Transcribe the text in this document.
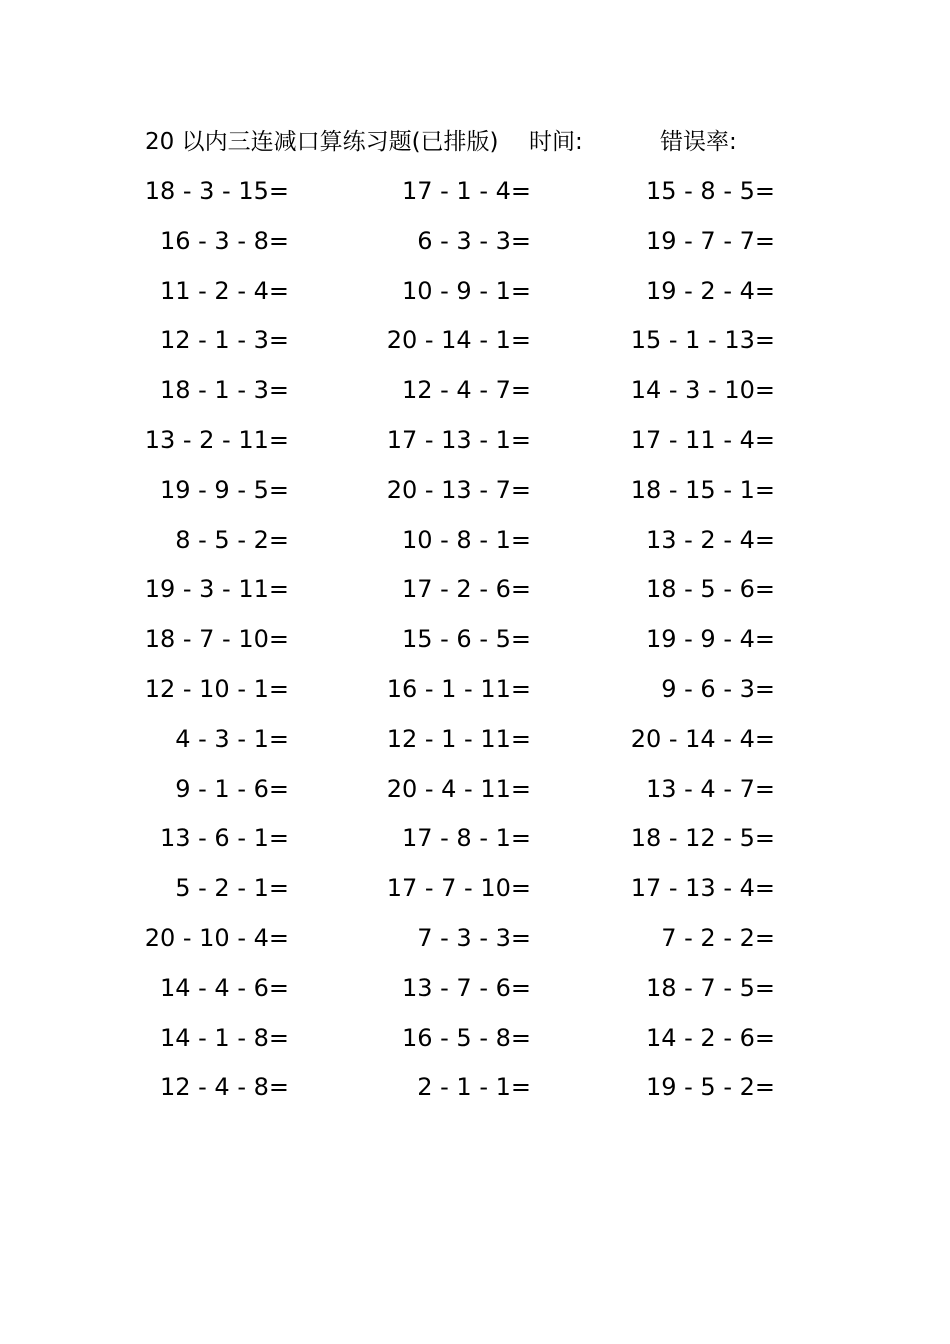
20 以内三连减口算练习题(已排版) 时间:	错误率:
18 - 3 - 15=	17 - 1 - 4=	15 - 8 - 5=
16 - 3 - 8=	6 - 3 - 3=	19 - 7 - 7=
11 - 2 - 4=	10 - 9 - 1=	19 - 2 - 4=
12 - 1 - 3=	20 - 14 - 1=	15 - 1 - 13=
18 - 1 - 3=	12 - 4 - 7=	14 - 3 - 10=
13 - 2 - 11=	17 - 13 - 1=	17 - 11 - 4=
19 - 9 - 5=	20 - 13 - 7=	18 - 15 - 1=
8 - 5 - 2=	10 - 8 - 1=	13 - 2 - 4=
19 - 3 - 11=	17 - 2 - 6=	18 - 5 - 6=
18 - 7 - 10=	15 - 6 - 5=	19 - 9 - 4=
12 - 10 - 1=	16 - 1 - 11=	9 - 6 - 3=
4 - 3 - 1=	12 - 1 - 11=	20 - 14 - 4=
9 - 1 - 6=	20 - 4 - 11=	13 - 4 - 7=
13 - 6 - 1=	17 - 8 - 1=	18 - 12 - 5=
5 - 2 - 1=	17 - 7 - 10=	17 - 13 - 4=
20 - 10 - 4=	7 - 3 - 3=	7 - 2 - 2=
14 - 4 - 6=	13 - 7 - 6=	18 - 7 - 5=
14 - 1 - 8=	16 - 5 - 8=	14 - 2 - 6=
12 - 4 - 8=	2 - 1 - 1=	19 - 5 - 2=
